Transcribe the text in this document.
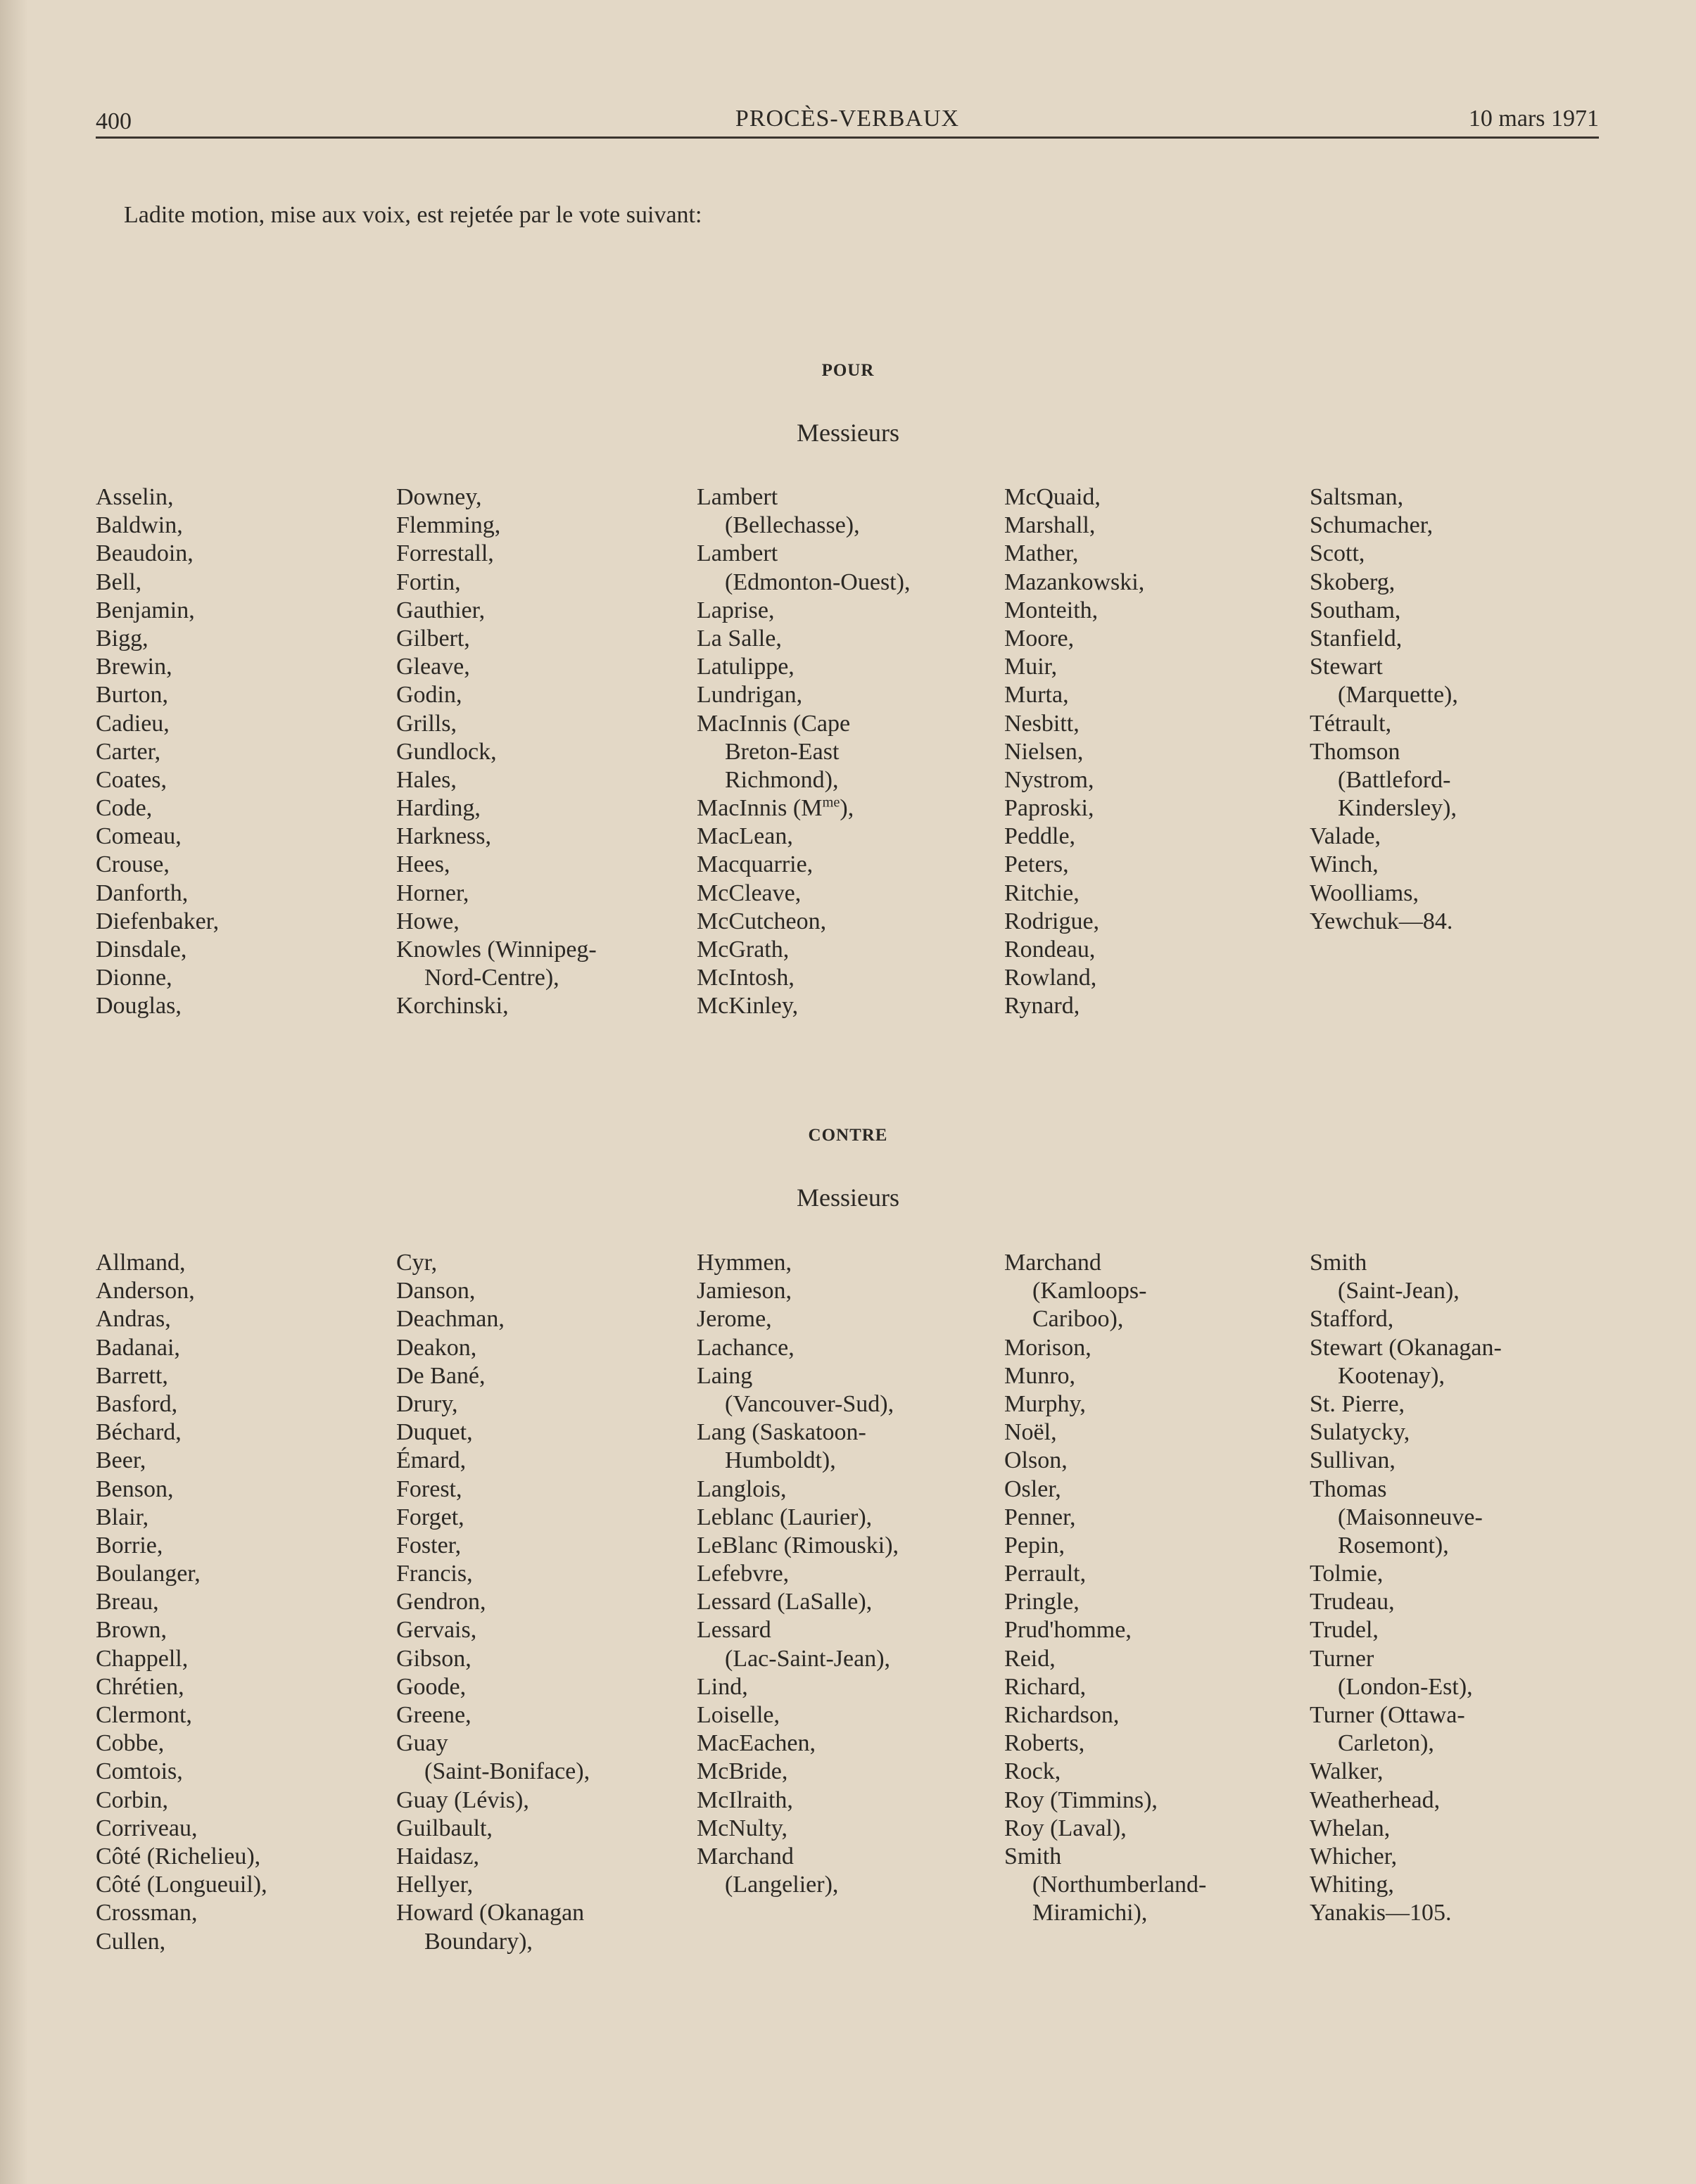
400	PROCÈS-VERBAUX	10 mars 1971

Ladite motion, mise aux voix, est rejetée par le vote suivant:

POUR
Messieurs
Asselin,
Baldwin,
Beaudoin,
Bell,
Benjamin,
Bigg,
Brewin,
Burton,
Cadieu,
Carter,
Coates,
Code,
Comeau,
Crouse,
Danforth,
Diefenbaker,
Dinsdale,
Dionne,
Douglas,
Downey,
Flemming,
Forrestall,
Fortin,
Gauthier,
Gilbert,
Gleave,
Godin,
Grills,
Gundlock,
Hales,
Harding,
Harkness,
Hees,
Horner,
Howe,
Knowles (Winnipeg-
Nord-Centre),
Korchinski,
Lambert
(Bellechasse),
Lambert
(Edmonton-Ouest),
Laprise,
La Salle,
Latulippe,
Lundrigan,
MacInnis (Cape
Breton-East
Richmond),
MacInnis $(M^{me})$,
MacLean,
Macquarrie,
McCleave,
McCutcheon,
McGrath,
McIntosh,
McKinley,
McQuaid,
Marshall,
Mather,
Mazankowski,
Monteith,
Moore,
Muir,
Murta,
Nesbitt,
Nielsen,
Nystrom,
Paproski,
Peddle,
Peters,
Ritchie,
Rodrigue,
Rondeau,
Rowland,
Rynard,
Saltsman,
Schumacher,
Scott,
Skoberg,
Southam,
Stanfield,
Stewart
(Marquette),
Tétrault,
Thomson
(Battleford-
Kindersley),
Valade,
Winch,
Woolliams,
Yewchuk—84.
CONTRE
Messieurs
Allmand,
Anderson,
Andras,
Badanai,
Barrett,
Basford,
Béchard,
Beer,
Benson,
Blair,
Borrie,
Boulanger,
Breau,
Brown,
Chappell,
Chrétien,
Clermont,
Cobbe,
Comtois,
Corbin,
Corriveau,
Côté (Richelieu),
Côté (Longueuil),
Crossman,
Cullen,
Cyr,
Danson,
Deachman,
Deakon,
De Bané,
Drury,
Duquet,
Émard,
Forest,
Forget,
Foster,
Francis,
Gendron,
Gervais,
Gibson,
Goode,
Greene,
Guay
(Saint-Boniface),
Guay (Lévis),
Guilbault,
Haidasz,
Hellyer,
Howard (Okanagan
Boundary),
Hymmen,
Jamieson,
Jerome,
Lachance,
Laing
(Vancouver-Sud),
Lang (Saskatoon-
Humboldt),
Langlois,
Leblanc (Laurier),
LeBlanc (Rimouski),
Lefebvre,
Lessard (LaSalle),
Lessard
(Lac-Saint-Jean),
Lind,
Loiselle,
MacEachen,
McBride,
McIlraith,
McNulty,
Marchand
(Langelier),
Marchand
(Kamloops-
Cariboo),
Morison,
Munro,
Murphy,
Noël,
Olson,
Osler,
Penner,
Pepin,
Perrault,
Pringle,
Prud'homme,
Reid,
Richard,
Richardson,
Roberts,
Rock,
Roy (Timmins),
Roy (Laval),
Smith
(Northumberland-
Miramichi),
Smith
(Saint-Jean),
Stafford,
Stewart (Okanagan-
Kootenay),
St. Pierre,
Sulatycky,
Sullivan,
Thomas
(Maisonneuve-
Rosemont),
Tolmie,
Trudeau,
Trudel,
Turner
(London-Est),
Turner (Ottawa-
Carleton),
Walker,
Weatherhead,
Whelan,
Whicher,
Whiting,
Yanakis—105.
